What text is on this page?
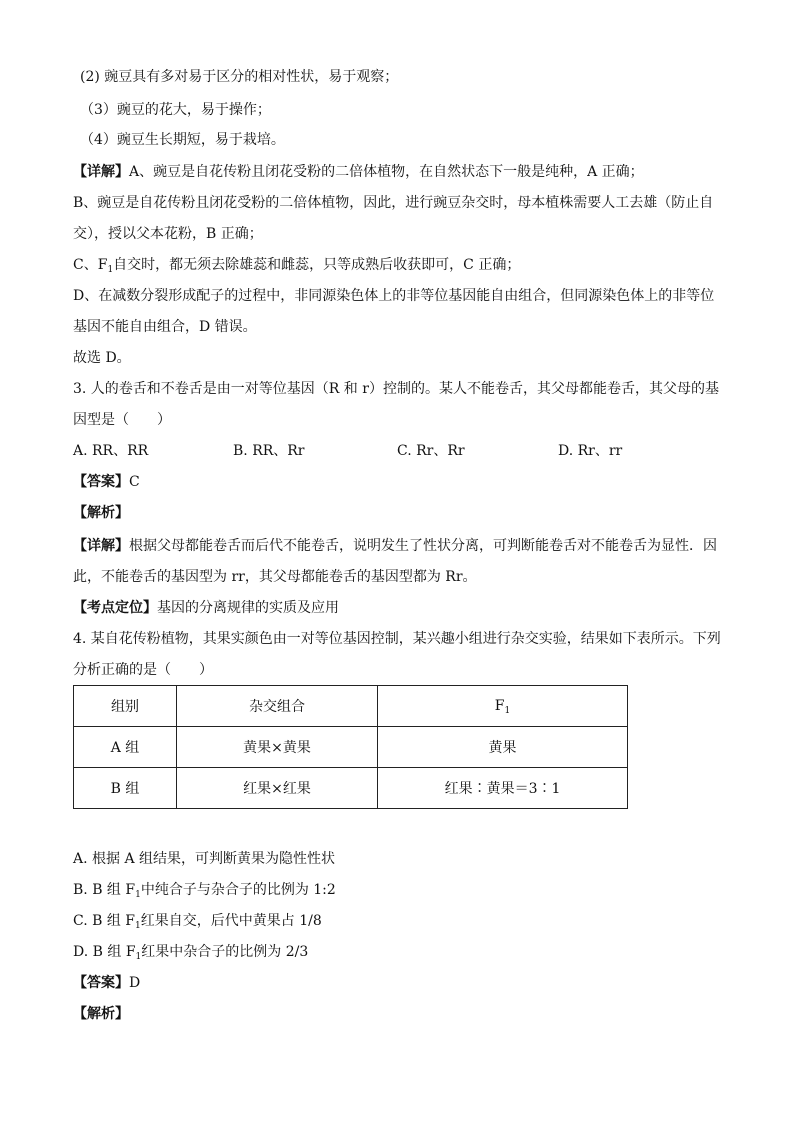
(2) 豌豆具有多对易于区分的相对性状，易于观察；
（3）豌豆的花大，易于操作；
（4）豌豆生长期短，易于栽培。
【详解】A、豌豆是自花传粉且闭花受粉的二倍体植物，在自然状态下一般是纯种，A 正确；
B、豌豆是自花传粉且闭花受粉的二倍体植物，因此，进行豌豆杂交时，母本植株需要人工去雄（防止自
交），授以父本花粉，B 正确；
C、$F_1$自交时，都无须去除雄蕊和雌蕊，只等成熟后收获即可，C 正确；
D、在减数分裂形成配子的过程中，非同源染色体上的非等位基因能自由组合，但同源染色体上的非等位
基因不能自由组合，D 错误。
故选 D。
3. 人的卷舌和不卷舌是由一对等位基因（R 和 r）控制的。某人不能卷舌，其父母都能卷舌，其父母的基
因型是（　　）
A. RR、RR	B. RR、Rr	C. Rr、Rr	D. Rr、rr
【答案】C
【解析】
【详解】根据父母都能卷舌而后代不能卷舌，说明发生了性状分离，可判断能卷舌对不能卷舌为显性．因
此，不能卷舌的基因型为 rr，其父母都能卷舌的基因型都为 Rr。
【考点定位】基因的分离规律的实质及应用
4. 某自花传粉植物，其果实颜色由一对等位基因控制，某兴趣小组进行杂交实验，结果如下表所示。下列
分析正确的是（　　）
组别	杂交组合	$F_1$
A 组	黄果×黄果	黄果
B 组	红果×红果	红果∶黄果＝3∶1
A. 根据 A 组结果，可判断黄果为隐性性状
B. B 组 $F_1$中纯合子与杂合子的比例为 1:2
C. B 组 $F_1$红果自交，后代中黄果占 1/8
D. B 组 $F_1$红果中杂合子的比例为 2/3
【答案】D
【解析】
